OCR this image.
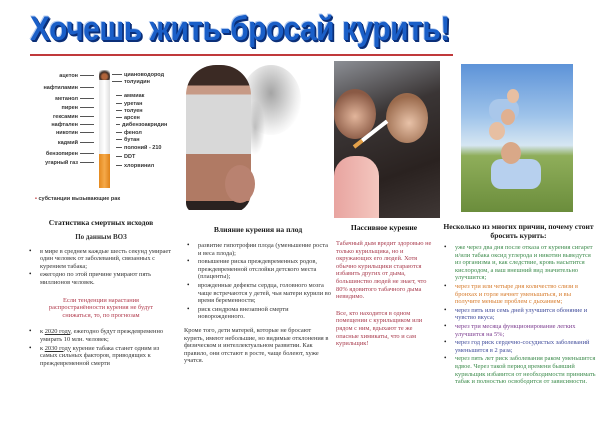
Хочешь жить-бросай курить!
ацетон
нафтиламин
метанол
пирен
гексамин
нафтален
никотин
кадмий
бензопирен
угарный газ
циановодород
толуидин
аммиак
уретан
толуен
арсен
дибензоакридин
фенол
бутан
полоний - 210
DDT
хлорвинил
• субстанции вызывающие рак
Статистика смертных исходов
По данным ВОЗ
• в мире в среднем каждые шесть секунд умирает один человек от заболеваний, связанных с курением табака;
• ежегодно по этой причине умирают пять миллионов человек.
Если тенденции нарастания распространённости курения не будут снижаться, то, по прогнозам
• к 2020 году, ежегодно будут преждевременно умирать 10 млн. человек;
• к 2030 году курение табака станет одним из самых сильных факторов, приводящих к преждевременной смерти
Влияние курения на плод
• развитие гипотрофии плода (уменьшение роста и веса плода);
• повышение риска преждевременных родов, преждевременной отслойки детского места (плаценты);
• врожденные дефекты сердца, головного мозга чаще встречаются у детей, чьи матери курили во время беременности;
• риск синдрома внезапной смерти новорожденного.

Кроме того, дети матерей, которые не бросают курить, имеют небольшие, но видимые отклонения в физическом и интеллектуальном развитии. Как правило, они отстают в росте, чаще болеют, хуже учатся.

Пассивное курение

Табачный дым вредит здоровью не только курильщика, но и окружающих его людей. Хотя обычно курильщики стараются избавить других от дыма, большинство людей не знает, что 80% ядовитого табачного дыма невидимо.

Все, кто находится в одном помещении с курильщиком или рядом с ним, вдыхают те же опасные химикаты, что и сам курильщик!

Несколько из многих причин, почему стоит бросить курить:
• уже через два дня после отказа от курения сигарет и/или табака оксид углерода и никотин выведутся из организма и, как следствие, кровь насытится кислородом, а ваш внешний вид значительно улучшится;
• через три или четыре дня количество слизи в бронхах и горле начнет уменьшаться, и вы получите меньше проблем с дыханием;
• через пять или семь дней улучшится обоняние и чувство вкуса;
• через три месяца функционирование легких улучшится на 5%;
• через год риск сердечно-сосудистых заболеваний уменьшится в 2 раза;
• через пять лет риск заболевания раком уменьшится вдвое. Через такой период времени бывший курильщик избавится от необходимости принимать табак и полностью освободится от зависимости.
